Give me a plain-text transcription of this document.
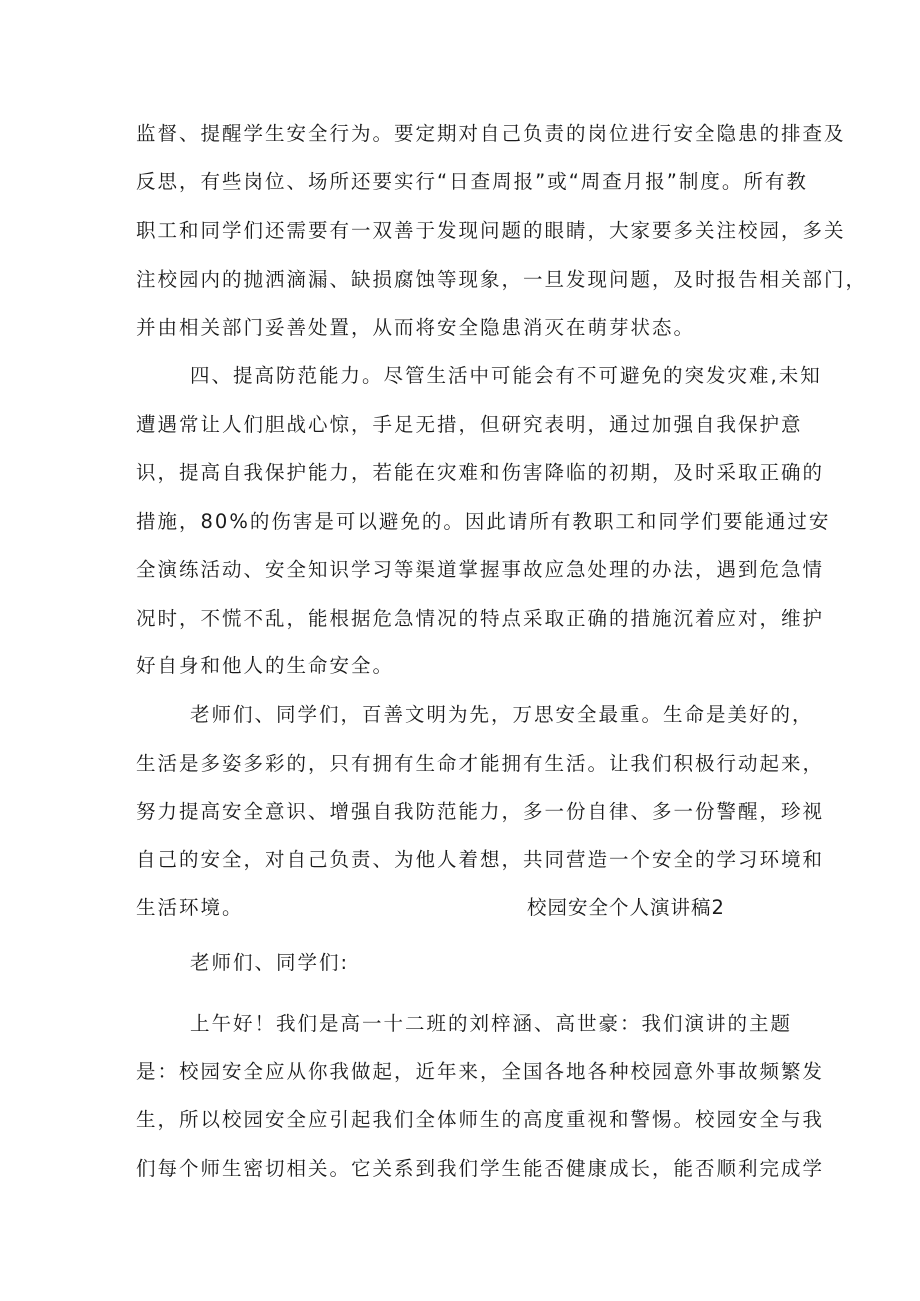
监督、提醒学生安全行为。要定期对自己负责的岗位进行安全隐患的排查及
反思，有些岗位、场所还要实行“日查周报”或“周查月报”制度。所有教
职工和同学们还需要有一双善于发现问题的眼睛，大家要多关注校园，多关
注校园内的抛洒滴漏、缺损腐蚀等现象，一旦发现问题，及时报告相关部门，
并由相关部门妥善处置，从而将安全隐患消灭在萌芽状态。
四、提高防范能力。尽管生活中可能会有不可避免的突发灾难,未知
遭遇常让人们胆战心惊，手足无措，但研究表明，通过加强自我保护意
识，提高自我保护能力，若能在灾难和伤害降临的初期，及时采取正确的
措施，80%的伤害是可以避免的。因此请所有教职工和同学们要能通过安
全演练活动、安全知识学习等渠道掌握事故应急处理的办法，遇到危急情
况时，不慌不乱，能根据危急情况的特点采取正确的措施沉着应对，维护
好自身和他人的生命安全。
老师们、同学们，百善文明为先，万思安全最重。生命是美好的，
生活是多姿多彩的，只有拥有生命才能拥有生活。让我们积极行动起来，
努力提高安全意识、增强自我防范能力，多一份自律、多一份警醒，珍视
自己的安全，对自己负责、为他人着想，共同营造一个安全的学习环境和
生活环境。	校园安全个人演讲稿2
老师们、同学们:
上午好！我们是高一十二班的刘梓涵、高世豪：我们演讲的主题
是：校园安全应从你我做起，近年来，全国各地各种校园意外事故频繁发
生，所以校园安全应引起我们全体师生的高度重视和警惕。校园安全与我
们每个师生密切相关。它关系到我们学生能否健康成长，能否顺利完成学
